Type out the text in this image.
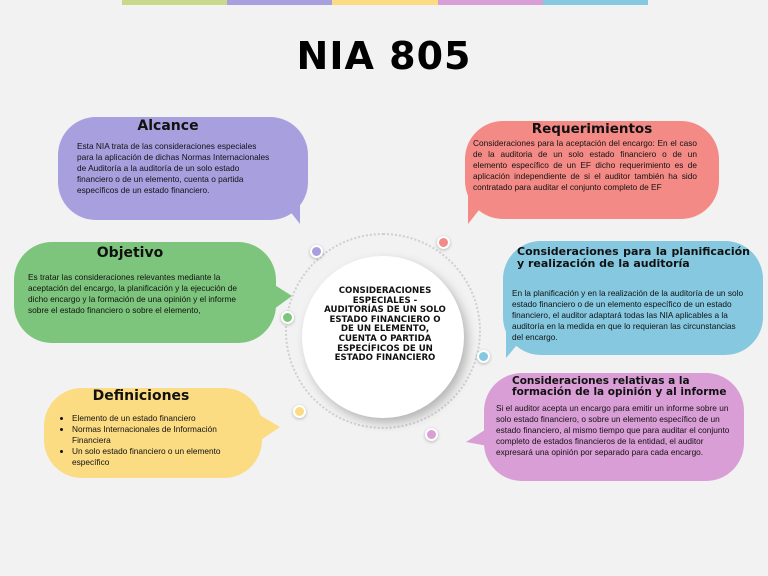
NIA 805
Alcance
Esta NIA trata de las consideraciones especiales para la aplicación de dichas Normas Internacionales de Auditoría a la auditoría de un solo estado financiero o de un elemento, cuenta o partida específicos de un estado financiero.
Requerimientos
Consideraciones para la aceptación del encargo: En el caso de la auditoria de un solo estado financiero o de un elemento específico de un EF dicho requerimiento es de aplicación independiente de si el auditor también ha sido contratado para auditar el conjunto completo de EF
Objetivo
Es tratar las consideraciones relevantes mediante la aceptación del encargo, la planificación y la ejecución de dicho encargo y la formación de una opinión y el informe sobre el estado financiero o sobre el elemento,
Consideraciones para la planificación y realización de la auditoría
En la planificación y en la realización de la auditoría de un solo estado financiero o de un elemento específico de un estado financiero, el auditor adaptará todas las NIA aplicables a la auditoría en la medida en que lo requieran las circunstancias del encargo.
CONSIDERACIONES ESPECIALES - AUDITORÍAS DE UN SOLO ESTADO FINANCIERO O DE UN ELEMENTO, CUENTA O PARTIDA ESPECÍFICOS DE UN ESTADO FINANCIERO
Definiciones
• Elemento de un estado financiero
• Normas Internacionales de Información Financiera
• Un solo estado financiero o un elemento específico
Consideraciones relativas a la formación de la opinión y al informe
Si el auditor acepta un encargo para emitir un informe sobre un solo estado financiero, o sobre un elemento específico de un estado financiero, al mismo tiempo que para auditar el conjunto completo de estados financieros de la entidad, el auditor expresará una opinión por separado para cada encargo.
